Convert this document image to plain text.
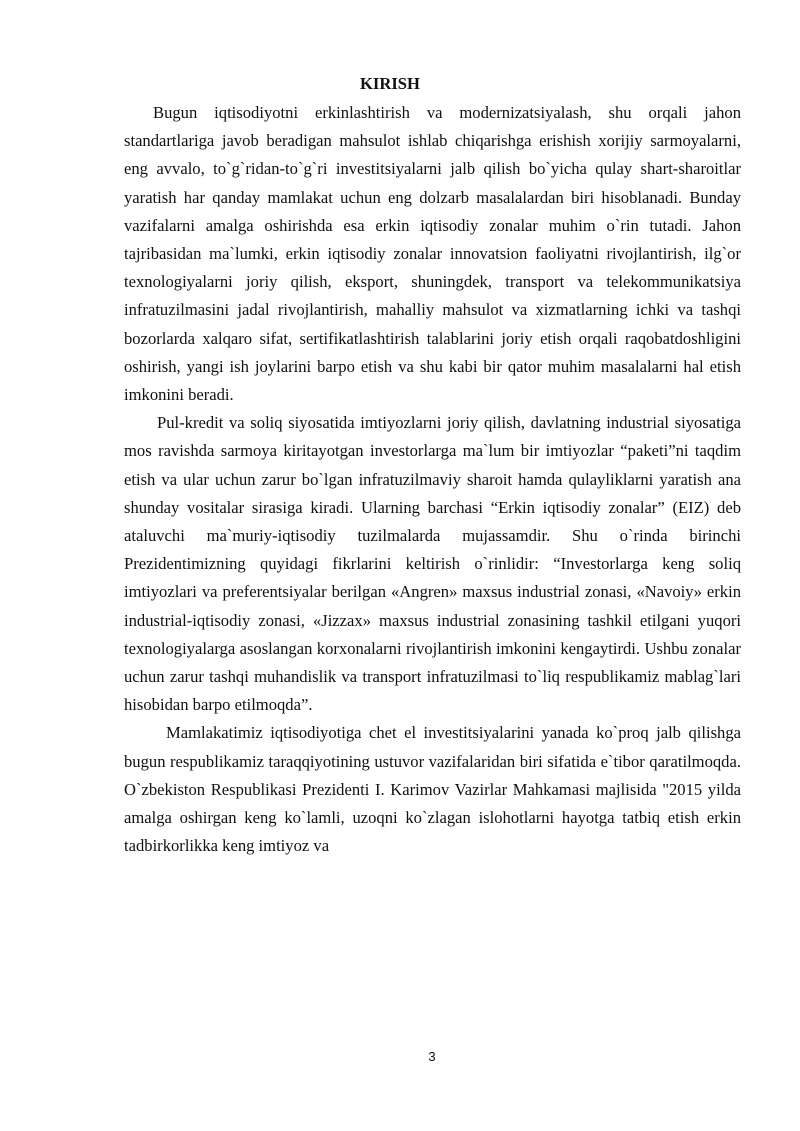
KIRISH

Bugun iqtisodiyotni erkinlashtirish va modernizatsiyalash, shu orqali jahon standartlariga javob beradigan mahsulot ishlab chiqarishga erishish xorijiy sarmoyalarni, eng avvalo, to`g`ridan-to`g`ri investitsiyalarni jalb qilish bo`yicha qulay shart-sharoitlar yaratish har qanday mamlakat uchun eng dolzarb masalalardan biri hisoblanadi. Bunday vazifalarni amalga oshirishda esa erkin iqtisodiy zonalar muhim o`rin tutadi. Jahon tajribasidan ma`lumki, erkin iqtisodiy zonalar innovatsion faoliyatni rivojlantirish, ilg`or texnologiyalarni joriy qilish, eksport, shuningdek, transport va telekommunikatsiya infratuzilmasini jadal rivojlantirish, mahalliy mahsulot va xizmatlarning ichki va tashqi bozorlarda xalqaro sifat, sertifikatlashtirish talablarini joriy etish orqali raqobatdoshligini oshirish, yangi ish joylarini barpo etish va shu kabi bir qator muhim masalalarni hal etish imkonini beradi.

Pul-kredit va soliq siyosatida imtiyozlarni joriy qilish, davlatning industrial siyosatiga mos ravishda sarmoya kiritayotgan investorlarga ma`lum bir imtiyozlar “paketi”ni taqdim etish va ular uchun zarur bo`lgan infratuzilmaviy sharoit hamda qulayliklarni yaratish ana shunday vositalar sirasiga kiradi. Ularning barchasi “Erkin iqtisodiy zonalar” (EIZ) deb ataluvchi ma`muriy-iqtisodiy tuzilmalarda mujassamdir. Shu o`rinda birinchi Prezidentimizning quyidagi fikrlarini keltirish o`rinlidir: “Investorlarga keng soliq imtiyozlari va preferentsiyalar berilgan «Angren» maxsus industrial zonasi, «Navoiy» erkin industrial-iqtisodiy zonasi, «Jizzax» maxsus industrial zonasining tashkil etilgani yuqori texnologiyalarga asoslangan korxonalarni rivojlantirish imkonini kengaytirdi. Ushbu zonalar uchun zarur tashqi muhandislik va transport infratuzilmasi to`liq respublikamiz mablag`lari hisobidan barpo etilmoqda”.

Mamlakatimiz iqtisodiyotiga chet el investitsiyalarini yanada ko`proq jalb qilishga bugun respublikamiz taraqqiyotining ustuvor vazifalaridan biri sifatida e`tibor qaratilmoqda. O`zbekiston Respublikasi Prezidenti I. Karimov Vazirlar Mahkamasi majlisida "2015 yilda amalga oshirgan keng ko`lamli, uzoqni ko`zlagan islohotlarni hayotga tatbiq etish erkin tadbirkorlikka keng imtiyoz va

3
